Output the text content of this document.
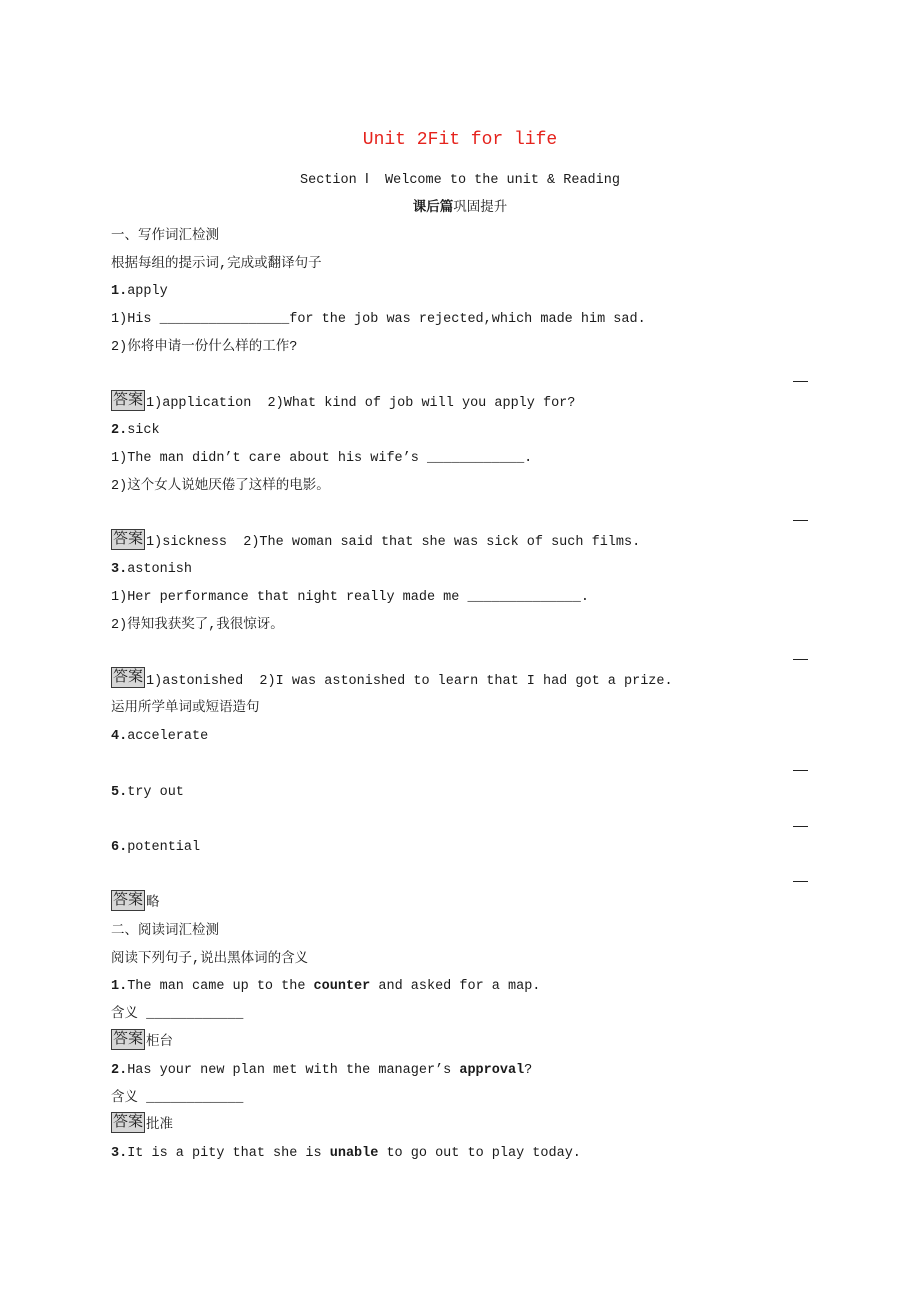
Unit 2Fit for life
Section Ⅰ  Welcome to the unit & Reading
课后篇巩固提升
一、写作词汇检测
根据每组的提示词,完成或翻译句子
1.apply
1)His ________________for the job was rejected,which made him sad.
2)你将申请一份什么样的工作?
答案 1)application  2)What kind of job will you apply for?
2.sick
1)The man didn’t care about his wife’s ____________.
2)这个女人说她厌倦了这样的电影。
答案 1)sickness  2)The woman said that she was sick of such films.
3.astonish
1)Her performance that night really made me ______________.
2)得知我获奖了,我很惊讶。
答案 1)astonished  2)I was astonished to learn that I had got a prize.
运用所学单词或短语造句
4.accelerate
5.try out
6.potential
答案 略
二、阅读词汇检测
阅读下列句子,说出黑体词的含义
1.The man came up to the counter and asked for a map.
含义 ____________
答案 柜台
2.Has your new plan met with the manager’s approval?
含义 ____________
答案 批准
3.It is a pity that she is unable to go out to play today.
